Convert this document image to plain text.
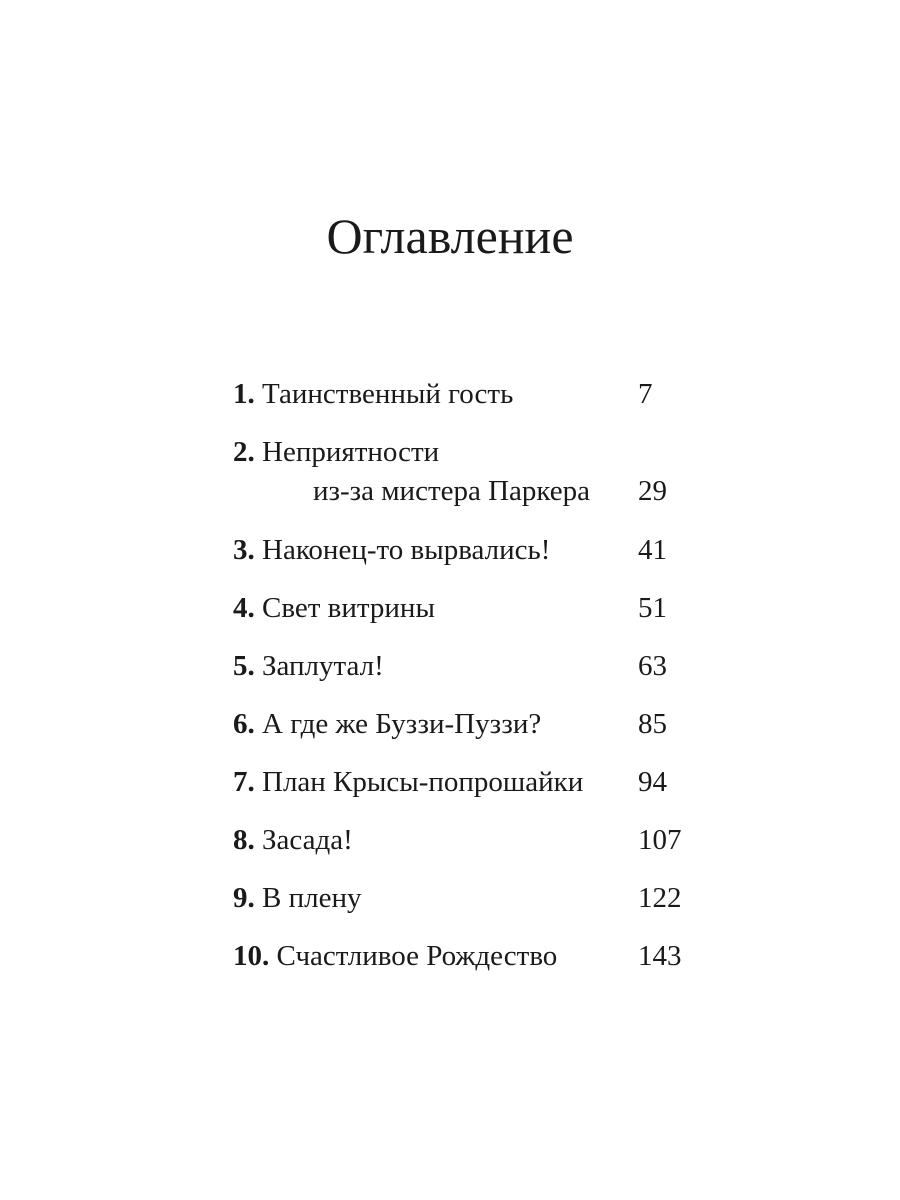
Оглавление
1. Таинственный гость	7
2. Неприятности
из-за мистера Паркера 29
3. Наконец-то вырвались!	41
4. Свет витрины	51
5. Заплутал!	63
6. А где же Буззи-Пуззи?	85
7. План Крысы-попрошайки 94
8. Засада!	107
9. В плену	122
10. Счастливое Рождество	143
